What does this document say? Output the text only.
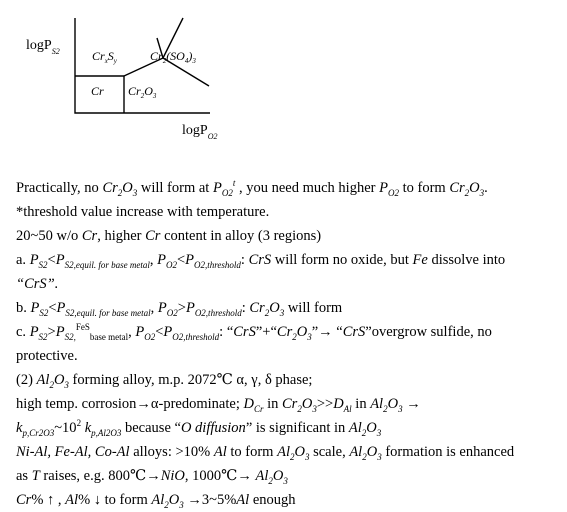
logP$_{S2}$	$Cr_xS_y$	$Cr_2(SO_4)_3$
Cr $Cr_2O_3$
logP$_{O2}$
Practically, no $Cr_2O_3$ will form at $P_{O2}^t$ , you need much higher $P_{O2}$ to form $Cr_2O_3$.
*threshold value increase with temperature.
20~50 w/o Cr, higher Cr content in alloy (3 regions)
a. $P_{S2}<P_{S2,equil. for base metal}$, $P_{O2}<P_{O2,threshold}$: CrS will form no oxide, but Fe dissolve into
“CrS”.
b. $P_{S2}<P_{S2,equil. for base metal}$, $P_{O2}>P_{O2,threshold}$: $Cr_2O_3$ will form
c. $P_{S2}>P_{S2,}^{FeS}_{base metal}$, $P_{O2}<P_{O2,threshold}$: “$CrS”+“Cr_2O_3”\to$ “CrS”overgrow sulfide, no
protective.
(2) $Al_2O_3$ forming alloy, m.p. 2072℃ α, γ, δ phase;
high temp. corrosion→α-predominate; $D_{Cr}$ in $Cr_2O_3>>D_{Al}$ in $Al_2O_3$ →
$k_{p,Cr2O3}\sim 10^2$ $k_{p,Al2O3}$ because “O diffusion” is significant in $Al_2O_3$
Ni-Al, Fe-Al, Co-Al alloys: >10% Al to form $Al_2O_3$ scale, $Al_2O_3$ formation is enhanced
as T raises, e.g. 800℃→NiO, 1000℃→ $Al_2O_3$
Cr% ↑ , Al% ↓ to form $Al_2O_3$ →3~5%Al enough
